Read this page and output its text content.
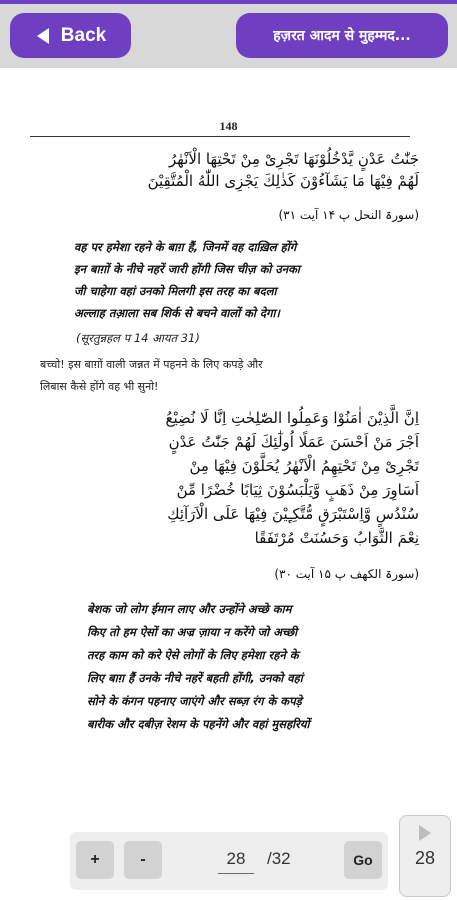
Back	हज़रत आदम से मुहम्मद...
148
جَنّٰتُ عَدْنٍ یَّدْخُلُوْنَهَا تَجْرِیْ مِنْ تَحْتِهَا الْاَنْهٰرُ
لَهُمْ فِیْهَا مَا یَشَآءُوْنَ كَذٰلِكَ یَجْزِی اللّٰهُ الْمُتَّقِیْنَ
(سورۃ النحل پ ۱۴ آیت ۳۱)
वह पर हमेशा रहने के बाग़ हैं, जिनमें वह दाख़िल होंगे
इन बाग़ों के नीचे नहरें जारी होंगी जिस चीज़ को उनका
जी चाहेगा वहां उनको मिलगी इस तरह का बदला
अल्लाह तआ़ला सब शिर्क से बचने वालों को देगा।
(सूरतुन्नहल प 14 आयत 31)
बच्चो! इस बाग़ों वाली जन्नत में पहनने के लिए कपड़े और
लिबास कैसे होंगे वह भी सुनो!
اِنَّ الَّذِیْنَ اٰمَنُوْا وَعَمِلُوا الصّٰلِحٰتِ اِنَّا لَا نُضِیْعُ
اَجْرَ مَنْ اَحْسَنَ عَمَلًا اُولٰٓئِكَ لَهُمْ جَنّٰتُ عَدْنٍ
تَجْرِیْ مِنْ تَحْتِهِمُ الْاَنْهٰرُ یُحَلَّوْنَ فِیْهَا مِنْ
اَسَاوِرَ مِنْ ذَهَبٍ وَّیَلْبَسُوْنَ ثِیَابًا خُضْرًا مِّنْ
سُنْدُسٍ وَّاِسْتَبْرَقٍ مُّتَّكِـِٕیْنَ فِیْهَا عَلَی الْاَرَآئِكِ
نِعْمَ الثَّوَابُ وَحَسُنَتْ مُرْتَفَقًا
(سورۃ الکھف پ ۱۵ آیت ۳۰)
बेशक जो लोग ईमान लाए और उन्होंने अच्छे काम
किए तो हम ऐसों का अज्र ज़ाया न करेंगे जो अच्छी
तरह काम को करे ऐसे लोगों के लिए हमेशा रहने के
लिए बाग़ हैं उनके नीचे नहरें बहती होंगी, उनको वहां
सोने के कंगन पहनाए जाएंगे और सब्ज़ रंग के कपड़े
बारीक और दबीज़ रेशम के पहनेंगे और वहां मुसहरियों
+	-
28	/32	Go	28
